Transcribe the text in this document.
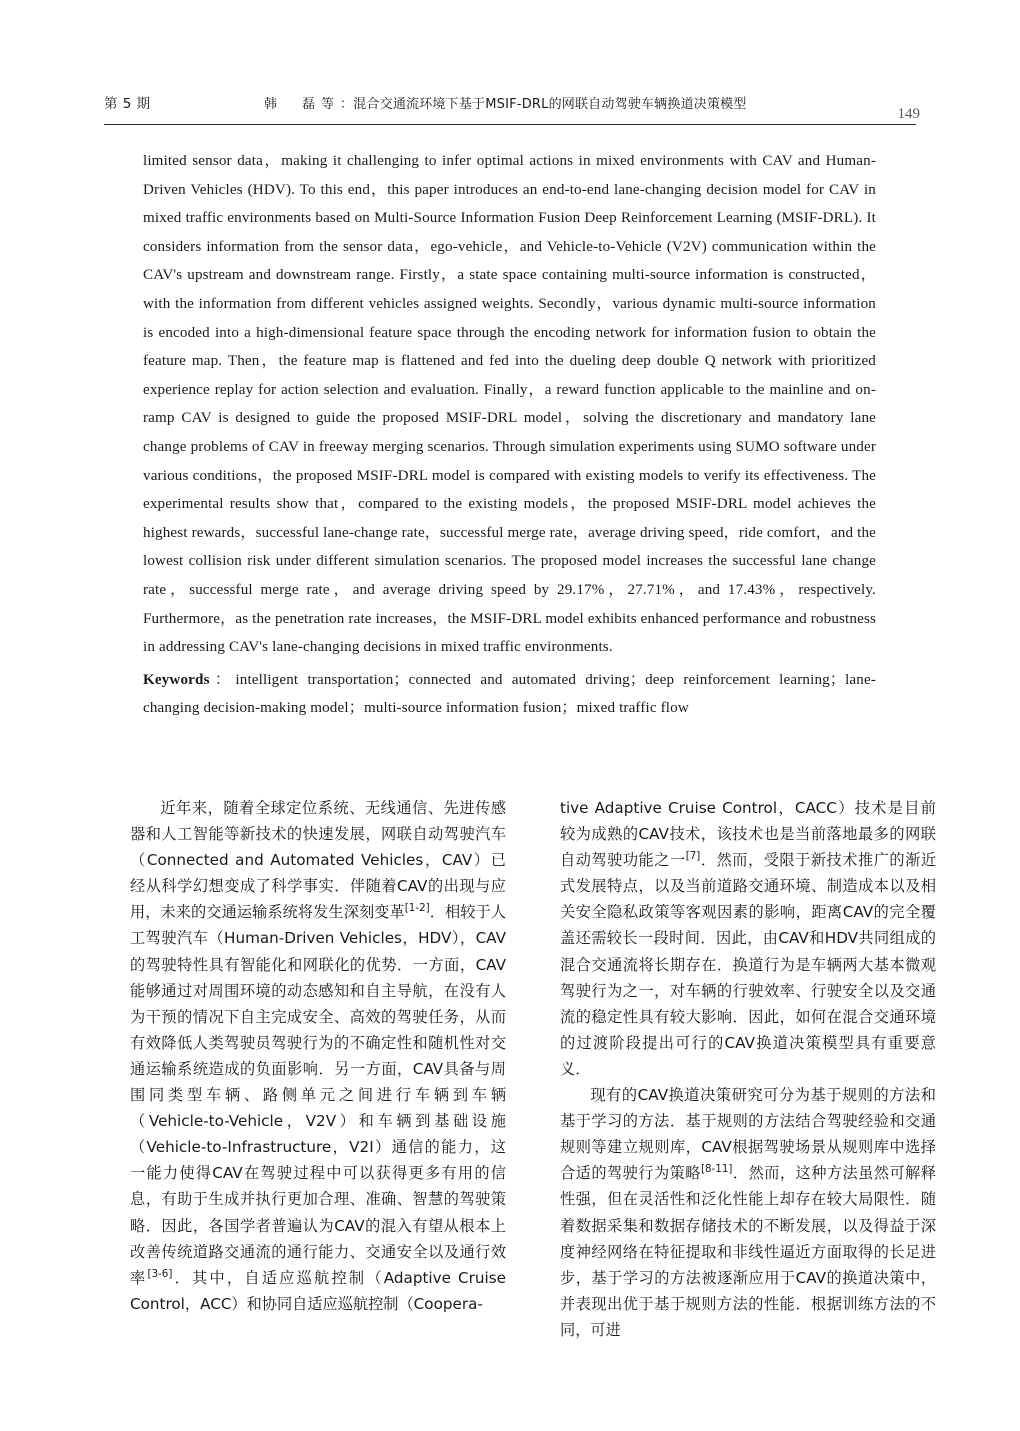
第 5 期	韩　磊等：混合交通流环境下基于MSIF-DRL的网联自动驾驶车辆换道决策模型
149

limited sensor data，making it challenging to infer optimal actions in mixed environments with CAV and Human-Driven Vehicles (HDV). To this end，this paper introduces an end-to-end lane-changing decision model for CAV in mixed traffic environments based on Multi-Source Information Fusion Deep Reinforcement Learning (MSIF-DRL). It considers information from the sensor data，ego-vehicle，and Vehicle-to-Vehicle (V2V) communication within the CAV's upstream and downstream range. Firstly，a state space containing multi-source information is constructed，with the information from different vehicles assigned weights. Secondly，various dynamic multi-source information is encoded into a high-dimensional feature space through the encoding network for information fusion to obtain the feature map. Then，the feature map is flattened and fed into the dueling deep double Q network with prioritized experience replay for action selection and evaluation. Finally，a reward function applicable to the mainline and on-ramp CAV is designed to guide the proposed MSIF-DRL model，solving the discretionary and mandatory lane change problems of CAV in freeway merging scenarios. Through simulation experiments using SUMO software under various conditions，the proposed MSIF-DRL model is compared with existing models to verify its effectiveness. The experimental results show that，compared to the existing models，the proposed MSIF-DRL model achieves the highest rewards，successful lane-change rate，successful merge rate，average driving speed，ride comfort，and the lowest collision risk under different simulation scenarios. The proposed model increases the successful lane change rate，successful merge rate，and average driving speed by 29.17%，27.71%，and 17.43%，respectively. Furthermore，as the penetration rate increases，the MSIF-DRL model exhibits enhanced performance and robustness in addressing CAV's lane-changing decisions in mixed traffic environments.

Keywords：intelligent transportation；connected and automated driving；deep reinforcement learning；lane-changing decision-making model；multi-source information fusion；mixed traffic flow

近年来，随着全球定位系统、无线通信、先进传感器和人工智能等新技术的快速发展，网联自动驾驶汽车（Connected and Automated Vehicles，CAV）已经从科学幻想变成了科学事实．伴随着CAV的出现与应用，未来的交通运输系统将发生深刻变革[1-2]．相较于人工驾驶汽车（Human-Driven Vehicles，HDV），CAV的驾驶特性具有智能化和网联化的优势．一方面，CAV能够通过对周围环境的动态感知和自主导航，在没有人为干预的情况下自主完成安全、高效的驾驶任务，从而有效降低人类驾驶员驾驶行为的不确定性和随机性对交通运输系统造成的负面影响．另一方面，CAV具备与周围同类型车辆、路侧单元之间进行车辆到车辆（Vehicle-to-Vehicle，V2V）和车辆到基础设施（Vehicle-to-Infrastructure，V2I）通信的能力，这一能力使得CAV在驾驶过程中可以获得更多有用的信息，有助于生成并执行更加合理、准确、智慧的驾驶策略．因此，各国学者普遍认为CAV的混入有望从根本上改善传统道路交通流的通行能力、交通安全以及通行效率[3-6]．其中，自适应巡航控制（Adaptive Cruise Control，ACC）和协同自适应巡航控制（Coopera-

tive Adaptive Cruise Control，CACC）技术是目前较为成熟的CAV技术，该技术也是当前落地最多的网联自动驾驶功能之一[7]．然而，受限于新技术推广的渐近式发展特点，以及当前道路交通环境、制造成本以及相关安全隐私政策等客观因素的影响，距离CAV的完全覆盖还需较长一段时间．因此，由CAV和HDV共同组成的混合交通流将长期存在．换道行为是车辆两大基本微观驾驶行为之一，对车辆的行驶效率、行驶安全以及交通流的稳定性具有较大影响．因此，如何在混合交通环境的过渡阶段提出可行的CAV换道决策模型具有重要意义．

现有的CAV换道决策研究可分为基于规则的方法和基于学习的方法．基于规则的方法结合驾驶经验和交通规则等建立规则库，CAV根据驾驶场景从规则库中选择合适的驾驶行为策略[8-11]．然而，这种方法虽然可解释性强，但在灵活性和泛化性能上却存在较大局限性．随着数据采集和数据存储技术的不断发展，以及得益于深度神经网络在特征提取和非线性逼近方面取得的长足进步，基于学习的方法被逐渐应用于CAV的换道决策中，并表现出优于基于规则方法的性能．根据训练方法的不同，可进
